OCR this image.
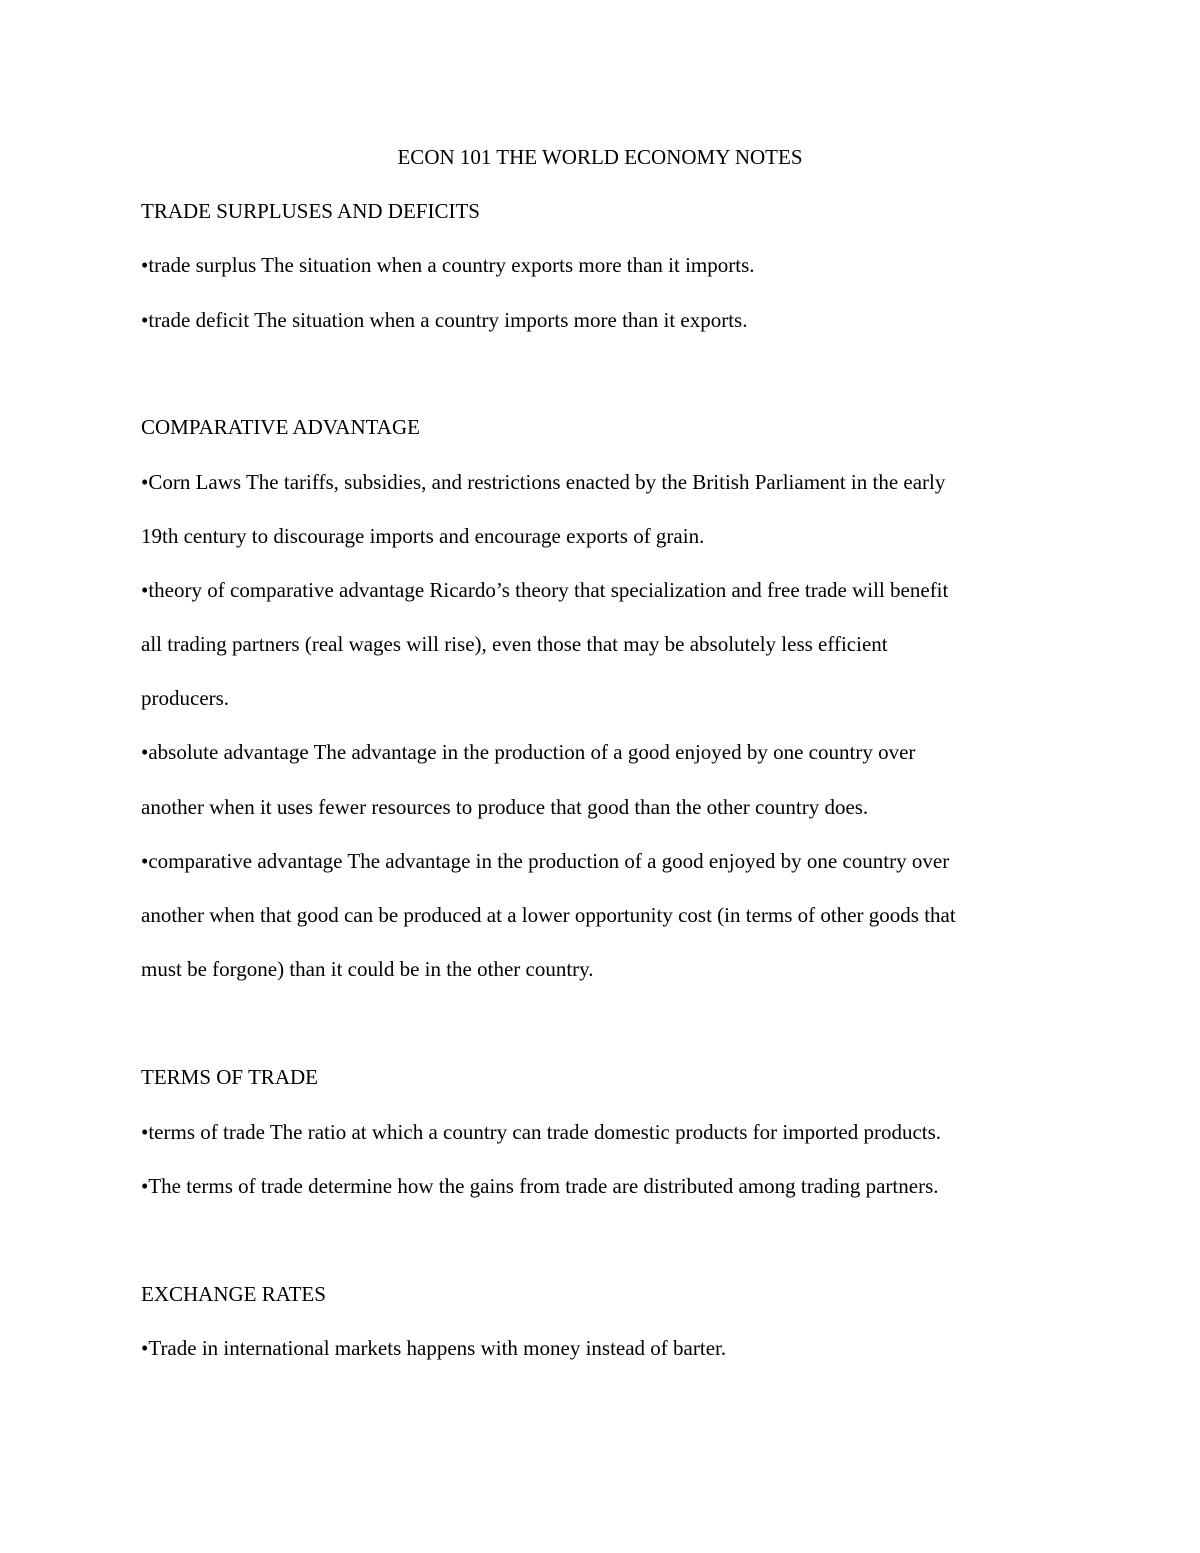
ECON 101 THE WORLD ECONOMY NOTES
TRADE SURPLUSES AND DEFICITS
•trade surplus The situation when a country exports more than it imports.
•trade deficit The situation when a country imports more than it exports.
COMPARATIVE ADVANTAGE
•Corn Laws The tariffs, subsidies, and restrictions enacted by the British Parliament in the early
19th century to discourage imports and encourage exports of grain.
•theory of comparative advantage Ricardo’s theory that specialization and free trade will benefit
all trading partners (real wages will rise), even those that may be absolutely less efficient
producers.
•absolute advantage The advantage in the production of a good enjoyed by one country over
another when it uses fewer resources to produce that good than the other country does.
•comparative advantage The advantage in the production of a good enjoyed by one country over
another when that good can be produced at a lower opportunity cost (in terms of other goods that
must be forgone) than it could be in the other country.
TERMS OF TRADE
•terms of trade The ratio at which a country can trade domestic products for imported products.
•The terms of trade determine how the gains from trade are distributed among trading partners.
EXCHANGE RATES
•Trade in international markets happens with money instead of barter.
